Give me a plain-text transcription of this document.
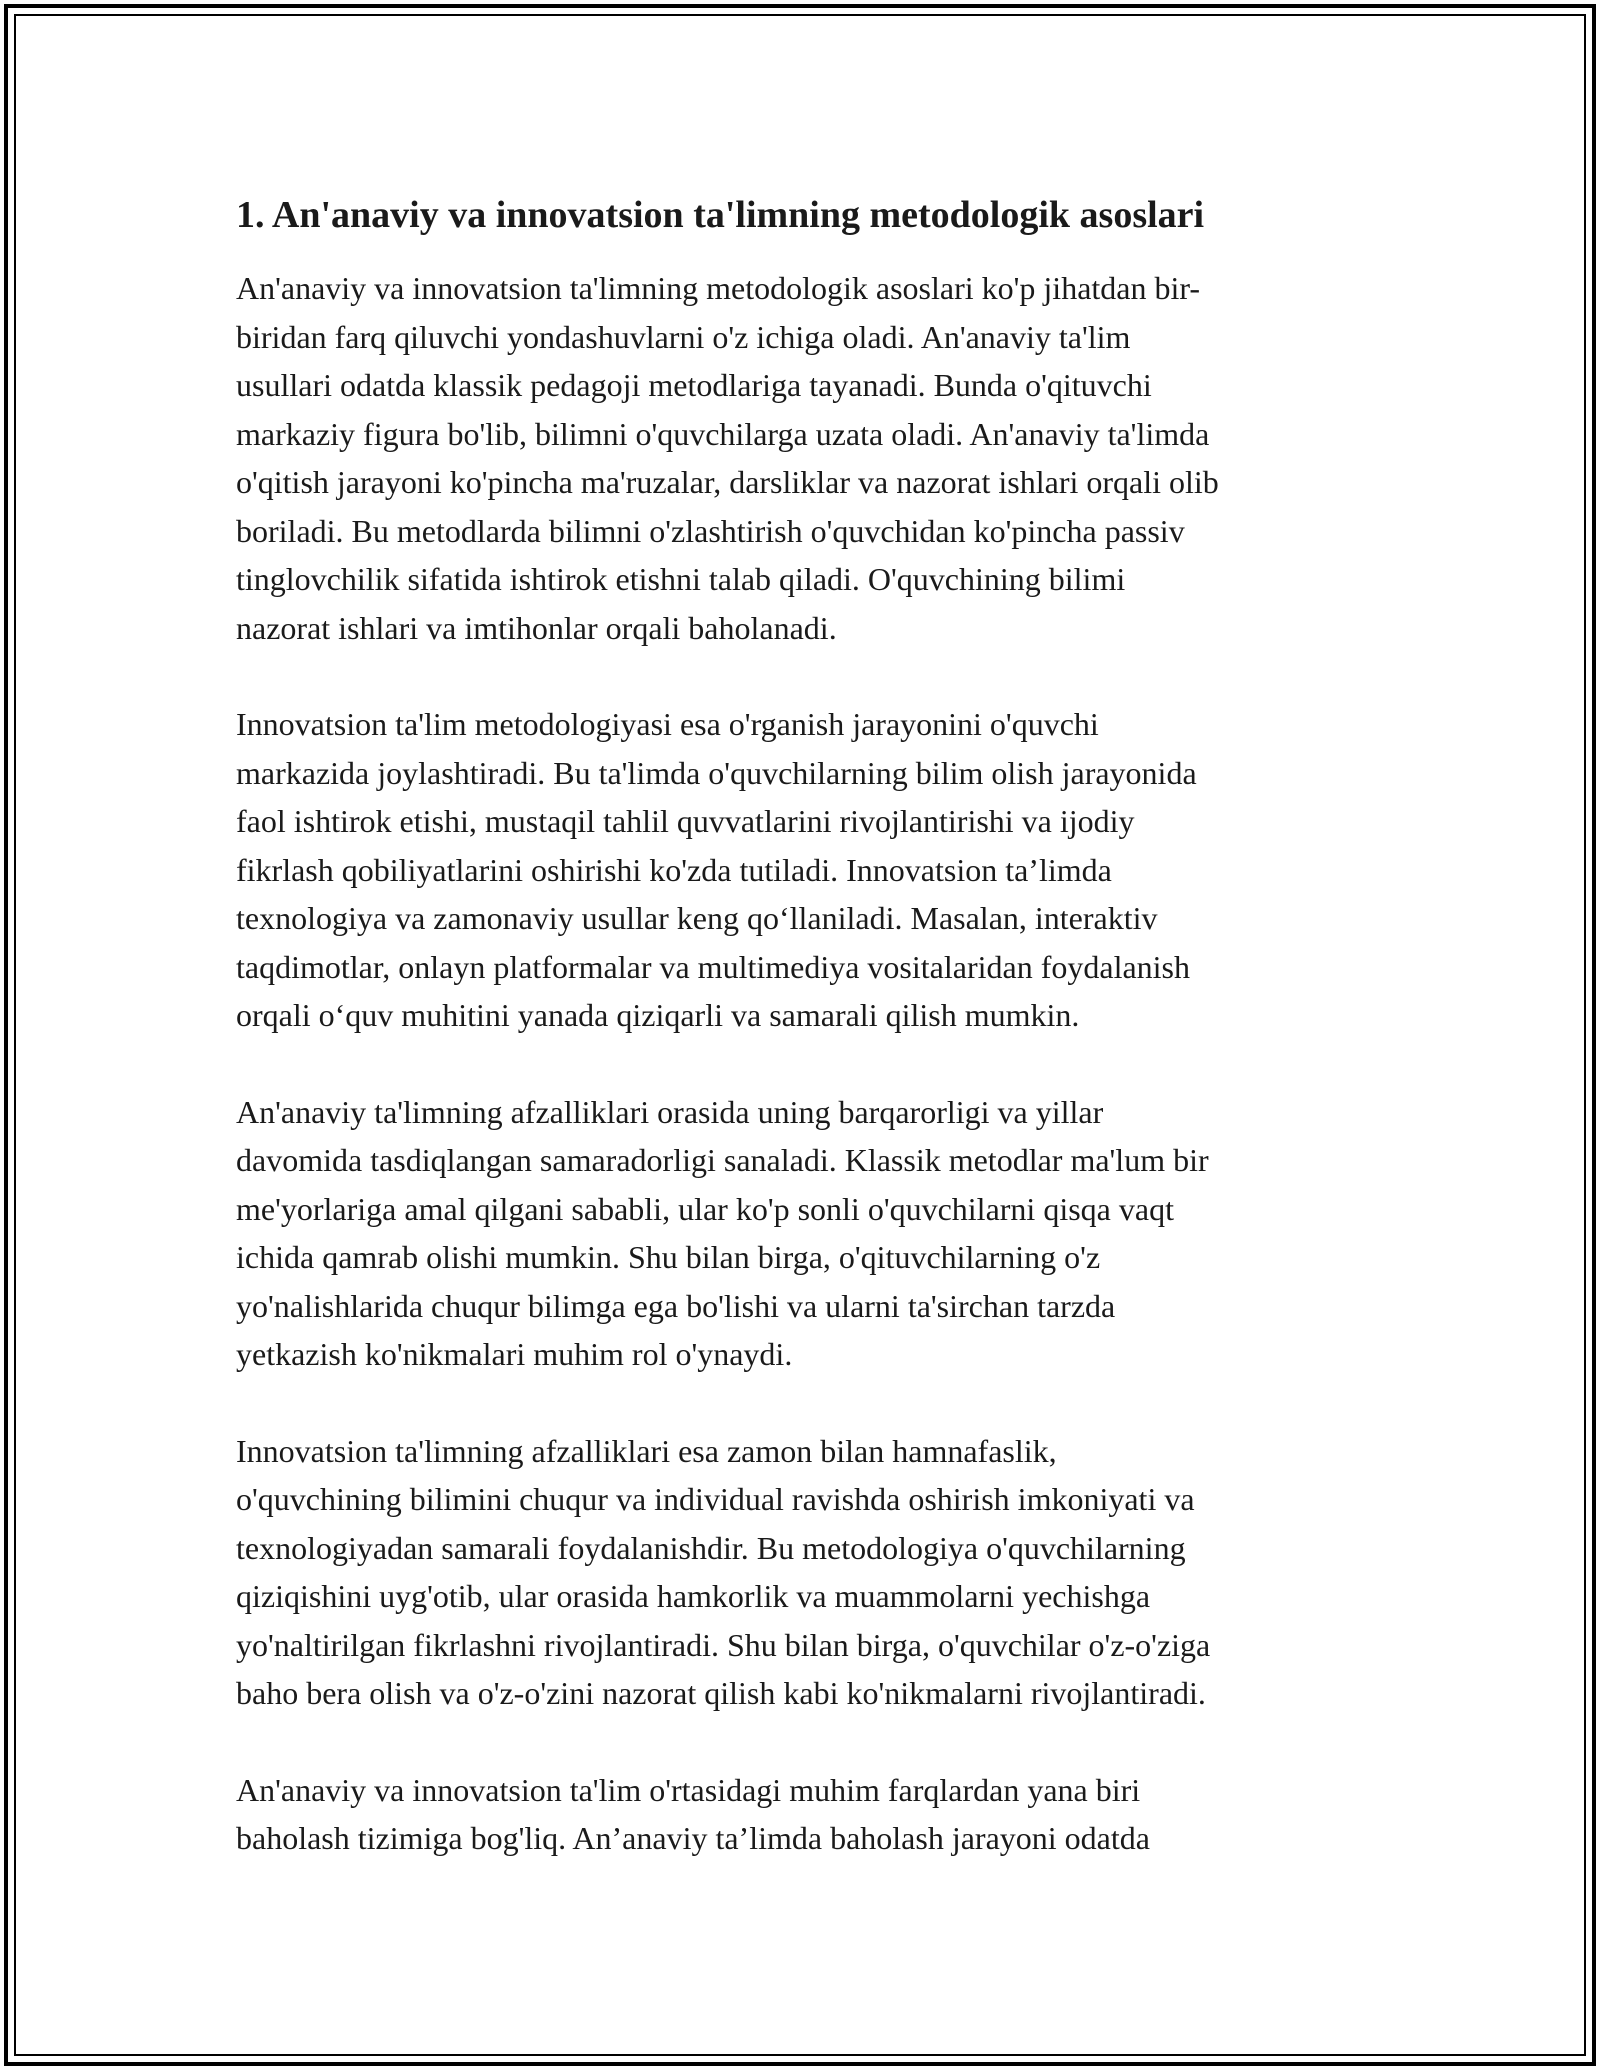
1. An'anaviy va innovatsion ta'limning metodologik asoslari

An'anaviy va innovatsion ta'limning metodologik asoslari ko'p jihatdan bir-
biridan farq qiluvchi yondashuvlarni o'z ichiga oladi. An'anaviy ta'lim
usullari odatda klassik pedagoji metodlariga tayanadi. Bunda o'qituvchi
markaziy figura bo'lib, bilimni o'quvchilarga uzata oladi. An'anaviy ta'limda
o'qitish jarayoni ko'pincha ma'ruzalar, darsliklar va nazorat ishlari orqali olib
boriladi. Bu metodlarda bilimni o'zlashtirish o'quvchidan ko'pincha passiv
tinglovchilik sifatida ishtirok etishni talab qiladi. O'quvchining bilimi
nazorat ishlari va imtihonlar orqali baholanadi.

Innovatsion ta'lim metodologiyasi esa o'rganish jarayonini o'quvchi
markazida joylashtiradi. Bu ta'limda o'quvchilarning bilim olish jarayonida
faol ishtirok etishi, mustaqil tahlil quvvatlarini rivojlantirishi va ijodiy
fikrlash qobiliyatlarini oshirishi ko'zda tutiladi. Innovatsion ta’limda
texnologiya va zamonaviy usullar keng qo‘llaniladi. Masalan, interaktiv
taqdimotlar, onlayn platformalar va multimediya vositalaridan foydalanish
orqali o‘quv muhitini yanada qiziqarli va samarali qilish mumkin.

An'anaviy ta'limning afzalliklari orasida uning barqarorligi va yillar
davomida tasdiqlangan samaradorligi sanaladi. Klassik metodlar ma'lum bir
me'yorlariga amal qilgani sababli, ular ko'p sonli o'quvchilarni qisqa vaqt
ichida qamrab olishi mumkin. Shu bilan birga, o'qituvchilarning o'z
yo'nalishlarida chuqur bilimga ega bo'lishi va ularni ta'sirchan tarzda
yetkazish ko'nikmalari muhim rol o'ynaydi.

Innovatsion ta'limning afzalliklari esa zamon bilan hamnafaslik,
o'quvchining bilimini chuqur va individual ravishda oshirish imkoniyati va
texnologiyadan samarali foydalanishdir. Bu metodologiya o'quvchilarning
qiziqishini uyg'otib, ular orasida hamkorlik va muammolarni yechishga
yo'naltirilgan fikrlashni rivojlantiradi. Shu bilan birga, o'quvchilar o'z-o'ziga
baho bera olish va o'z-o'zini nazorat qilish kabi ko'nikmalarni rivojlantiradi.

An'anaviy va innovatsion ta'lim o'rtasidagi muhim farqlardan yana biri
baholash tizimiga bog'liq. An’anaviy ta’limda baholash jarayoni odatda
